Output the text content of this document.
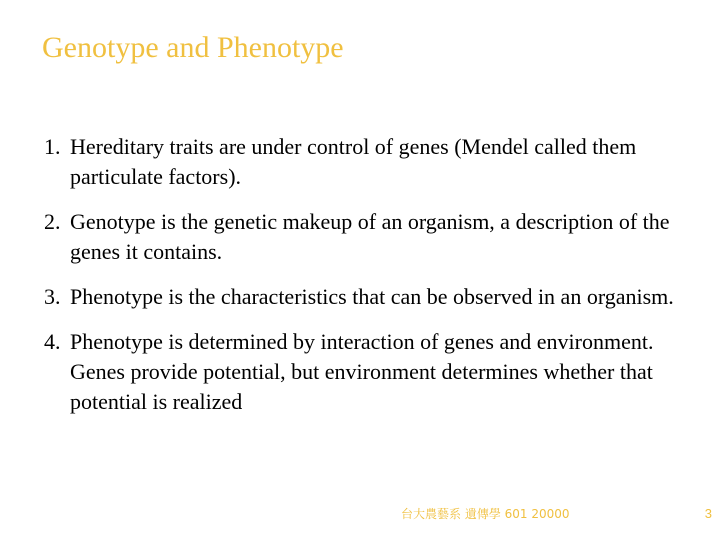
Genotype and Phenotype
1. Hereditary traits are under control of genes (Mendel called them particulate factors).
2. Genotype is the genetic makeup of an organism, a description of the genes it contains.
3. Phenotype is the characteristics that can be observed in an organism.
4. Phenotype is determined by interaction of genes and environment. Genes provide potential, but environment determines whether that potential is realized
台大農藝系 遺傳學 601 20000	3
